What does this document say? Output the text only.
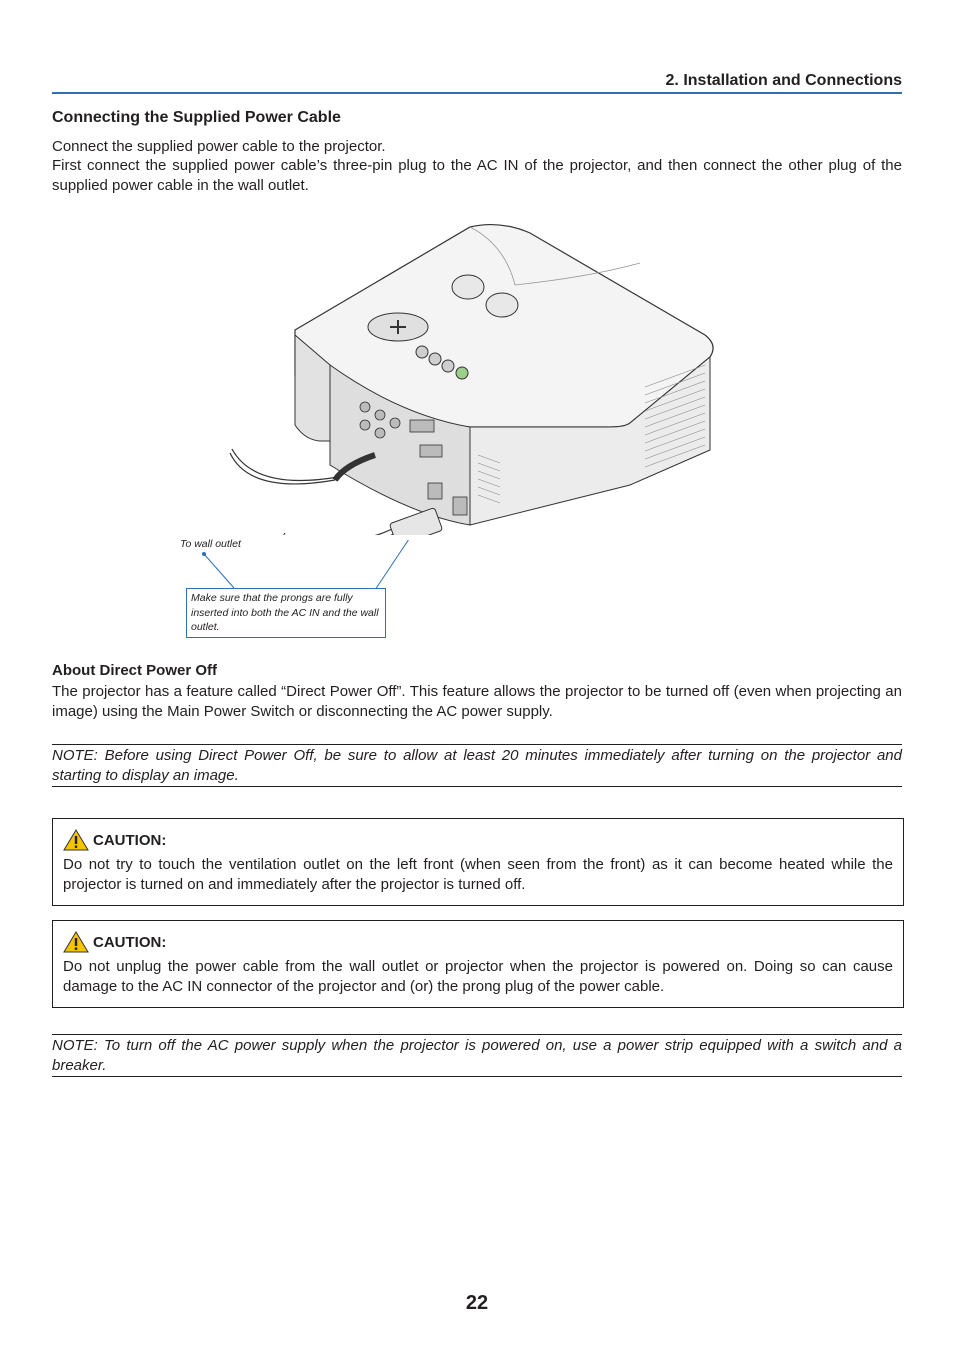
2. Installation and Connections
Connecting the Supplied Power Cable
Connect the supplied power cable to the projector.
First connect the supplied power cable’s three-pin plug to the AC IN of the projector, and then connect the other plug of the supplied power cable in the wall outlet.
To wall outlet
Make sure that the prongs are fully inserted into both the AC IN and the wall outlet.
About Direct Power Off
The projector has a feature called “Direct Power Off”. This feature allows the projector to be turned off (even when projecting an image) using the Main Power Switch or disconnecting the AC power supply.
NOTE: Before using Direct Power Off, be sure to allow at least 20 minutes immediately after turning on the projector and starting to display an image.
CAUTION:
Do not try to touch the ventilation outlet on the left front (when seen from the front) as it can become heated while the projector is turned on and immediately after the projector is turned off.
CAUTION:
Do not unplug the power cable from the wall outlet or projector when the projector is powered on. Doing so can cause damage to the AC IN connector of the projector and (or) the prong plug of the power cable.
NOTE: To turn off the AC power supply when the projector is powered on, use a power strip equipped with a switch and a breaker.
22
